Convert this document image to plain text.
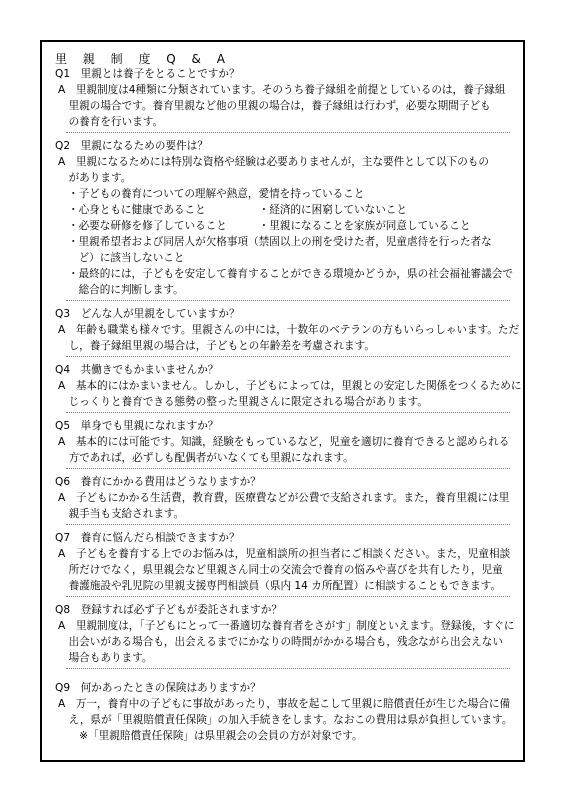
里 親 制 度 Q & A
Q1　里親とは養子をとることですか？
A　里親制度は4種類に分類されています。そのうち養子縁組を前提としているのは，養子縁組
　里親の場合です。養育里親など他の里親の場合は，養子縁組は行わず，必要な期間子ども
　の養育を行います。
Q2　里親になるための要件は？
A　里親になるためには特別な資格や経験は必要ありませんが，主な要件として以下のもの
　があります。
・子どもの養育についての理解や熱意，愛情を持っていること
・心身ともに健康であること　　　　　・経済的に困窮していないこと
・必要な研修を修了していること　　　・里親になることを家族が同意していること
・里親希望者および同居人が欠格事項（禁固以上の刑を受けた者，児童虐待を行った者な
　ど）に該当しないこと
・最終的には，子どもを安定して養育することができる環境かどうか，県の社会福祉審議会で
　総合的に判断します。
Q3　どんな人が里親をしていますか？
A　年齢も職業も様々です。里親さんの中には，十数年のベテランの方もいらっしゃいます。ただ
　し，養子縁組里親の場合は，子どもとの年齢差を考慮されます。
Q4　共働きでもかまいませんか？
A　基本的にはかまいません。しかし，子どもによっては，里親との安定した関係をつくるために
　じっくりと養育できる態勢の整った里親さんに限定される場合があります。
Q5　単身でも里親になれますか？
A　基本的には可能です。知識，経験をもっているなど，児童を適切に養育できると認められる
　方であれば，必ずしも配偶者がいなくても里親になれます。
Q6　養育にかかる費用はどうなりますか？
A　子どもにかかる生活費，教育費，医療費などが公費で支給されます。また，養育里親には里
　親手当も支給されます。
Q7　養育に悩んだら相談できますか？
A　子どもを養育する上でのお悩みは，児童相談所の担当者にご相談ください。また，児童相談
　所だけでなく，県里親会など里親さん同士の交流会で養育の悩みや喜びを共有したり，児童
　養護施設や乳児院の里親支援専門相談員（県内 14 カ所配置）に相談することもできます。
Q8　登録すれば必ず子どもが委託されますか？
A　里親制度は，「子どもにとって一番適切な養育者をさがす」制度といえます。登録後，すぐに
　出会いがある場合も，出会えるまでにかなりの時間がかかる場合も，残念ながら出会えない
　場合もあります。
Q9　何かあったときの保険はありますか？
A　万一，養育中の子どもに事故があったり，事故を起こして里親に賠償責任が生じた場合に備
　え，県が「里親賠償責任保険」の加入手続きをします。なおこの費用は県が負担しています。
　　※「里親賠償責任保険」は県里親会の会員の方が対象です。
